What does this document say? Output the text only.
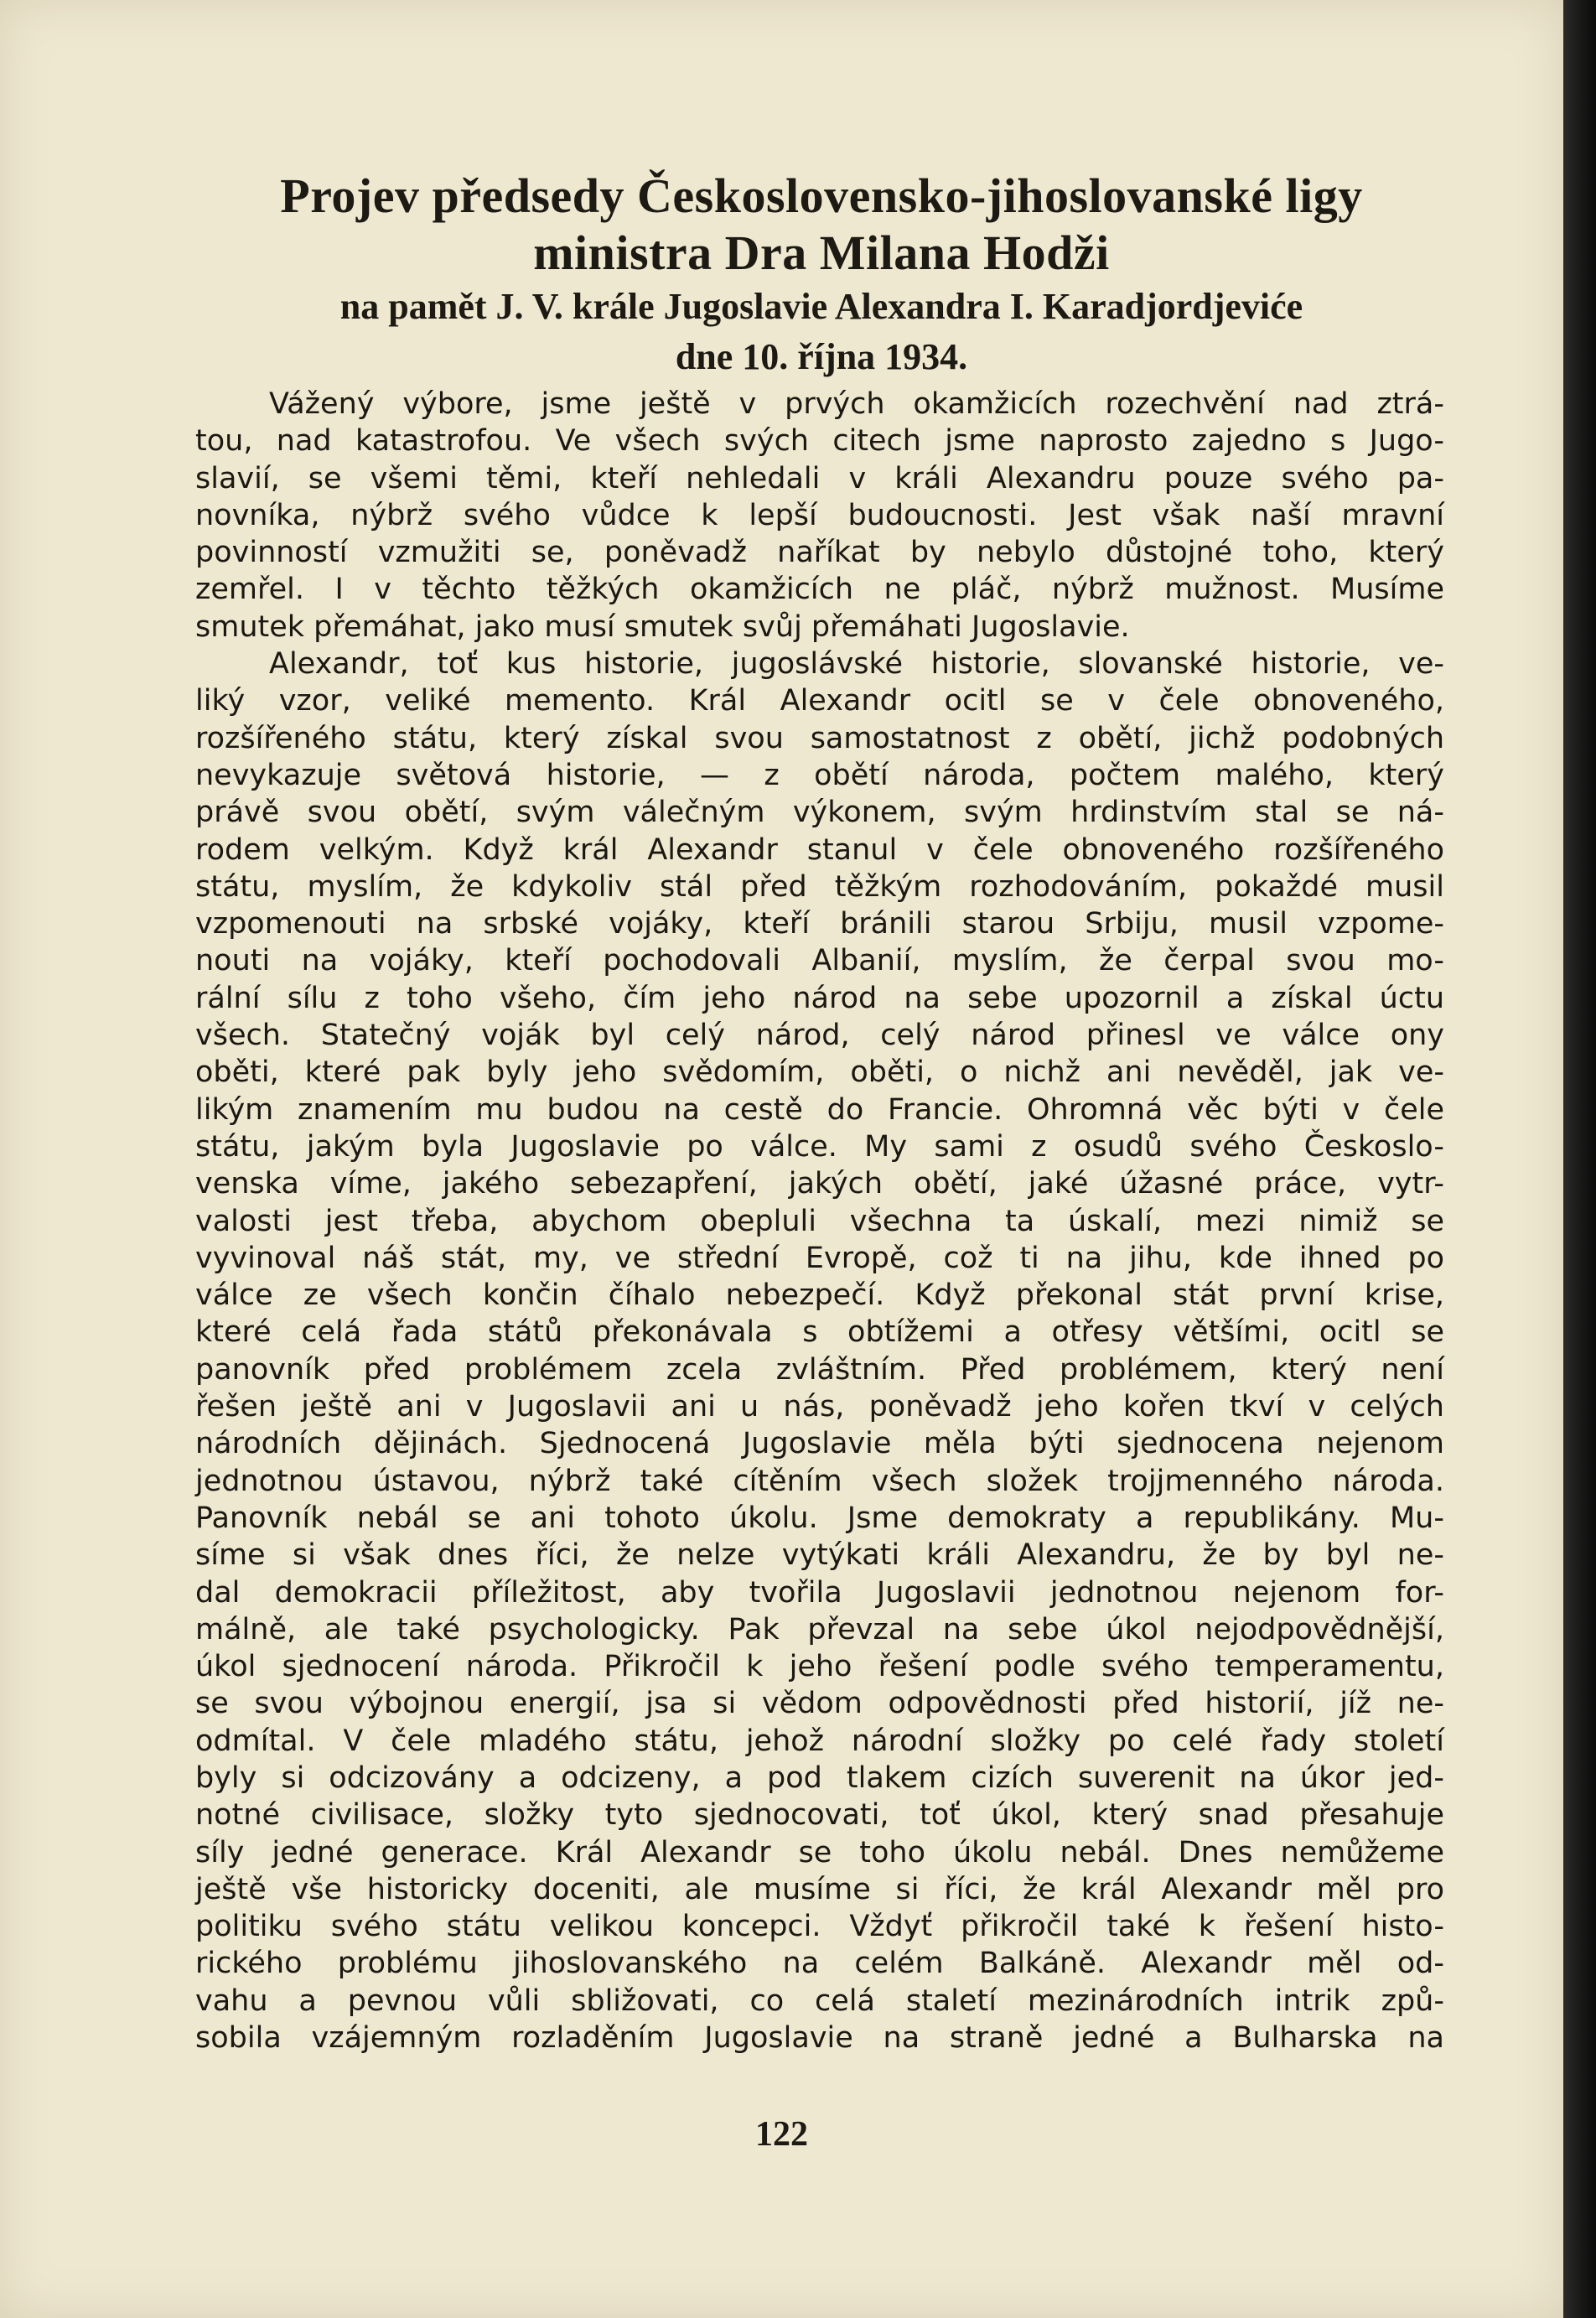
Projev předsedy Československo-jihoslovanské ligy

ministra Dra Milana Hodži

na pamět J. V. krále Jugoslavie Alexandra I. Karadjordjeviće

dne 10. října 1934.

Vážený výbore, jsme ještě v prvých okamžicích rozechvění nad ztrá-
tou, nad katastrofou. Ve všech svých citech jsme naprosto zajedno s Jugo-
slavií, se všemi těmi, kteří nehledali v králi Alexandru pouze svého pa-
novníka, nýbrž svého vůdce k lepší budoucnosti. Jest však naší mravní
povinností vzmužiti se, poněvadž naříkat by nebylo důstojné toho, který
zemřel. I v těchto těžkých okamžicích ne pláč, nýbrž mužnost. Musíme
smutek přemáhat, jako musí smutek svůj přemáhati Jugoslavie.
Alexandr, toť kus historie, jugoslávské historie, slovanské historie, ve-
liký vzor, veliké memento. Král Alexandr ocitl se v čele obnoveného,
rozšířeného státu, který získal svou samostatnost z obětí, jichž podobných
nevykazuje světová historie, — z obětí národa, počtem malého, který
právě svou obětí, svým válečným výkonem, svým hrdinstvím stal se ná-
rodem velkým. Když král Alexandr stanul v čele obnoveného rozšířeného
státu, myslím, že kdykoliv stál před těžkým rozhodováním, pokaždé musil
vzpomenouti na srbské vojáky, kteří bránili starou Srbiju, musil vzpome-
nouti na vojáky, kteří pochodovali Albanií, myslím, že čerpal svou mo-
rální sílu z toho všeho, čím jeho národ na sebe upozornil a získal úctu
všech. Statečný voják byl celý národ, celý národ přinesl ve válce ony
oběti, které pak byly jeho svědomím, oběti, o nichž ani nevěděl, jak ve-
likým znamením mu budou na cestě do Francie. Ohromná věc býti v čele
státu, jakým byla Jugoslavie po válce. My sami z osudů svého Českoslo-
venska víme, jakého sebezapření, jakých obětí, jaké úžasné práce, vytr-
valosti jest třeba, abychom obepluli všechna ta úskalí, mezi nimiž se
vyvinoval náš stát, my, ve střední Evropě, což ti na jihu, kde ihned po
válce ze všech končin číhalo nebezpečí. Když překonal stát první krise,
které celá řada států překonávala s obtížemi a otřesy většími, ocitl se
panovník před problémem zcela zvláštním. Před problémem, který není
řešen ještě ani v Jugoslavii ani u nás, poněvadž jeho kořen tkví v celých
národních dějinách. Sjednocená Jugoslavie měla býti sjednocena nejenom
jednotnou ústavou, nýbrž také cítěním všech složek trojjmenného národa.
Panovník nebál se ani tohoto úkolu. Jsme demokraty a republikány. Mu-
síme si však dnes říci, že nelze vytýkati králi Alexandru, že by byl ne-
dal demokracii příležitost, aby tvořila Jugoslavii jednotnou nejenom for-
málně, ale také psychologicky. Pak převzal na sebe úkol nejodpovědnější,
úkol sjednocení národa. Přikročil k jeho řešení podle svého temperamentu,
se svou výbojnou energií, jsa si vědom odpovědnosti před historií, jíž ne-
odmítal. V čele mladého státu, jehož národní složky po celé řady století
byly si odcizovány a odcizeny, a pod tlakem cizích suverenit na úkor jed-
notné civilisace, složky tyto sjednocovati, toť úkol, který snad přesahuje
síly jedné generace. Král Alexandr se toho úkolu nebál. Dnes nemůžeme
ještě vše historicky doceniti, ale musíme si říci, že král Alexandr měl pro
politiku svého státu velikou koncepci. Vždyť přikročil také k řešení histo-
rického problému jihoslovanského na celém Balkáně. Alexandr měl od-
vahu a pevnou vůli sbližovati, co celá staletí mezinárodních intrik způ-
sobila vzájemným rozladěním Jugoslavie na straně jedné a Bulharska na
122
